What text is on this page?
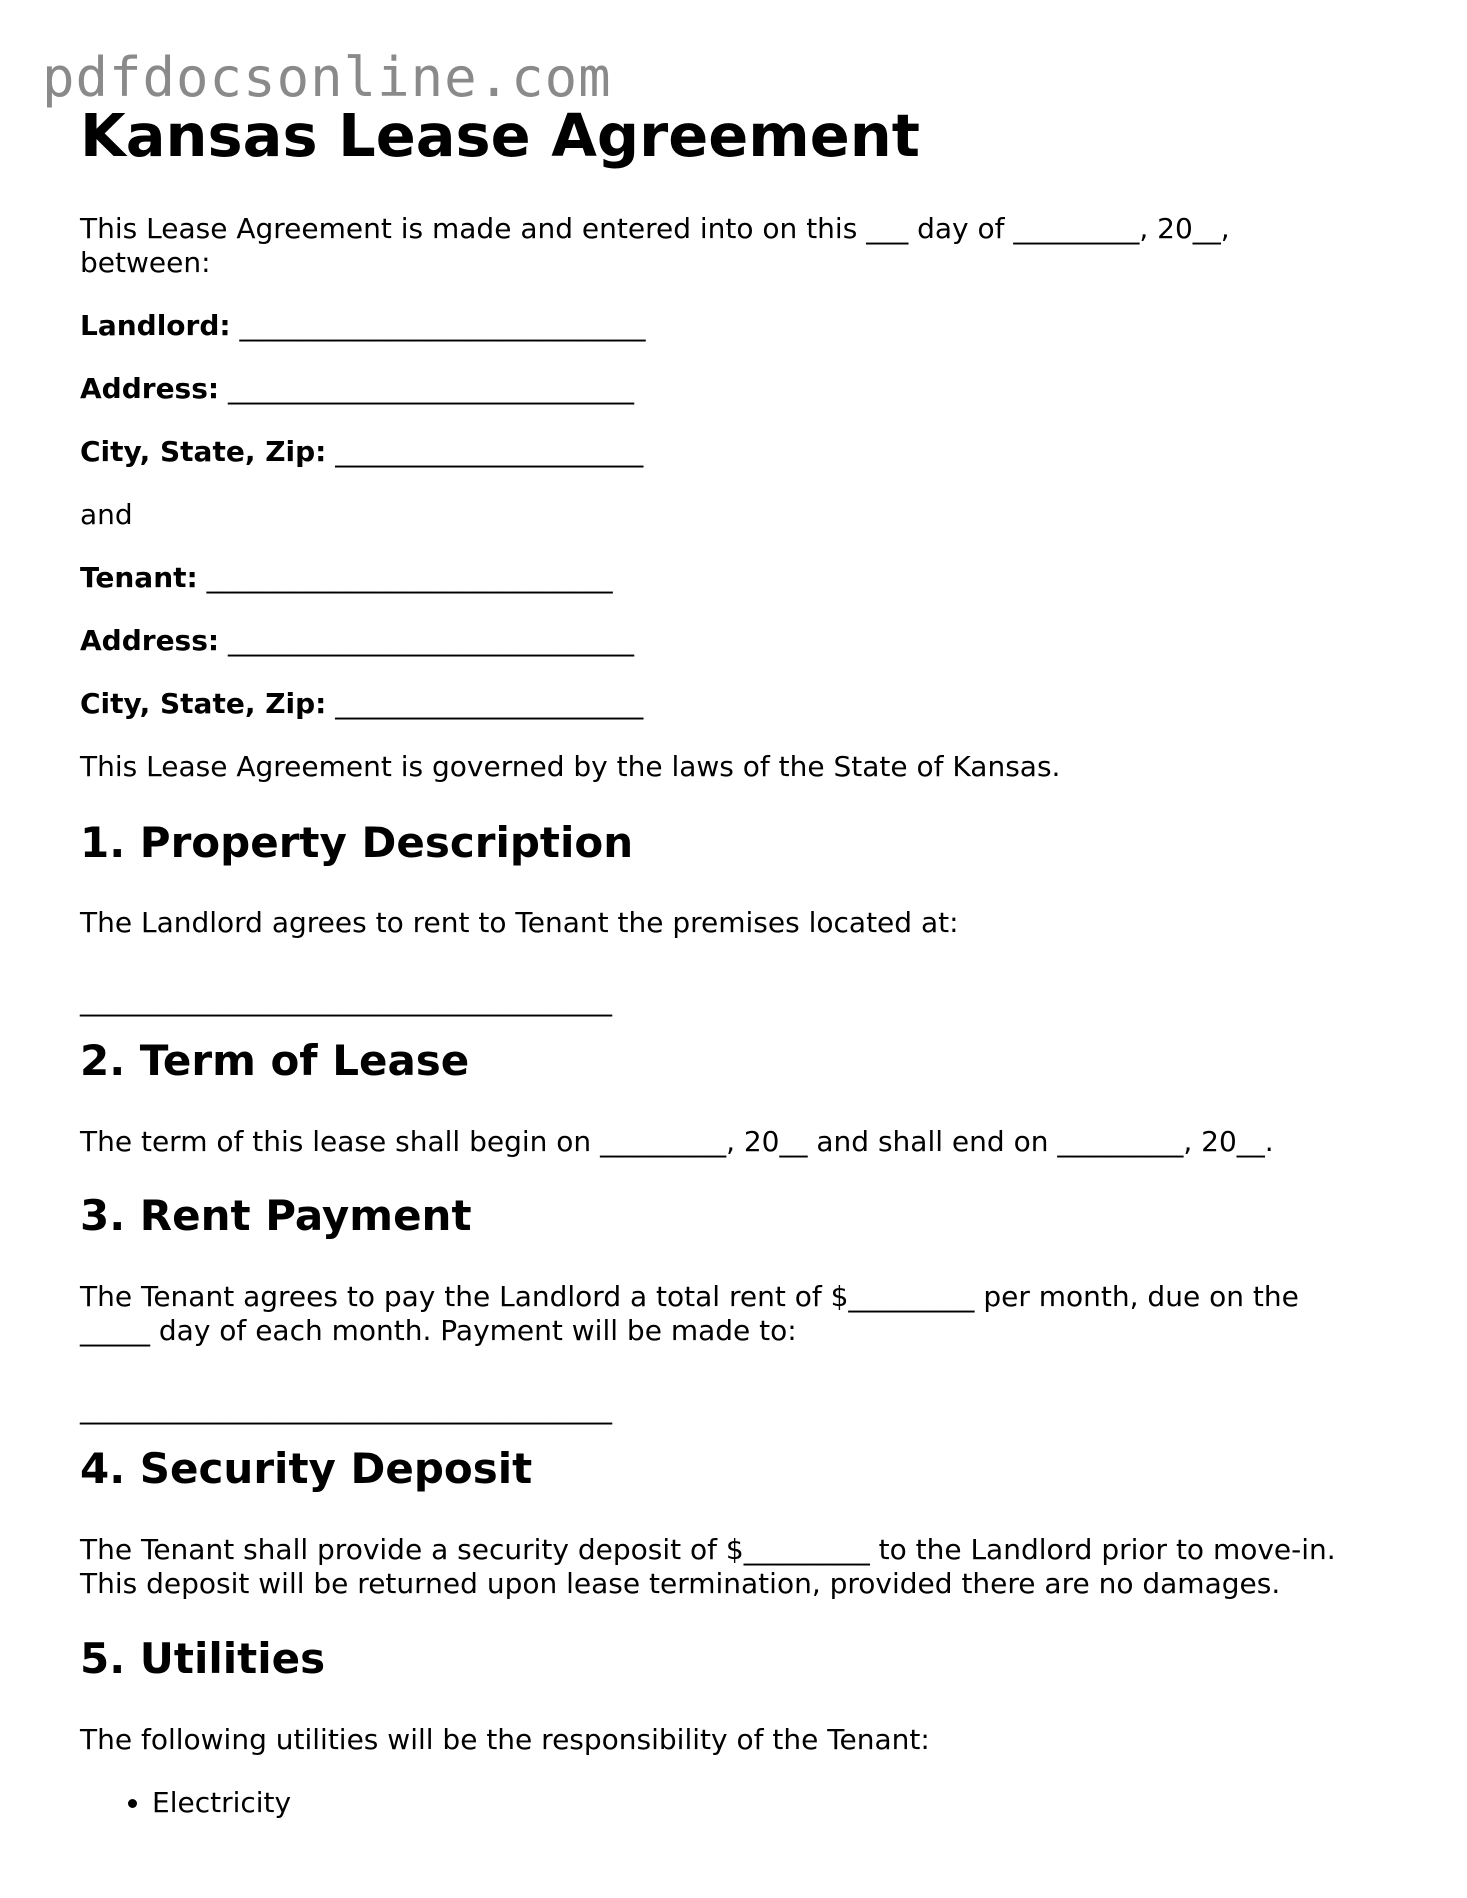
pdfdocsonline.com
Kansas Lease Agreement

This Lease Agreement is made and entered into on this ___ day of _________, 20__,

between:

Landlord: _____________________________

Address: _____________________________

City, State, Zip: ______________________

and

Tenant: _____________________________

Address: _____________________________

City, State, Zip: ______________________

This Lease Agreement is governed by the laws of the State of Kansas.

1. Property Description

The Landlord agrees to rent to Tenant the premises located at:

______________________________________

2. Term of Lease

The term of this lease shall begin on _________, 20__ and shall end on _________, 20__.

3. Rent Payment

The Tenant agrees to pay the Landlord a total rent of $_________ per month, due on the

_____ day of each month. Payment will be made to:

______________________________________

4. Security Deposit

The Tenant shall provide a security deposit of $_________ to the Landlord prior to move-in.

This deposit will be returned upon lease termination, provided there are no damages.

5. Utilities

The following utilities will be the responsibility of the Tenant:

• Electricity
